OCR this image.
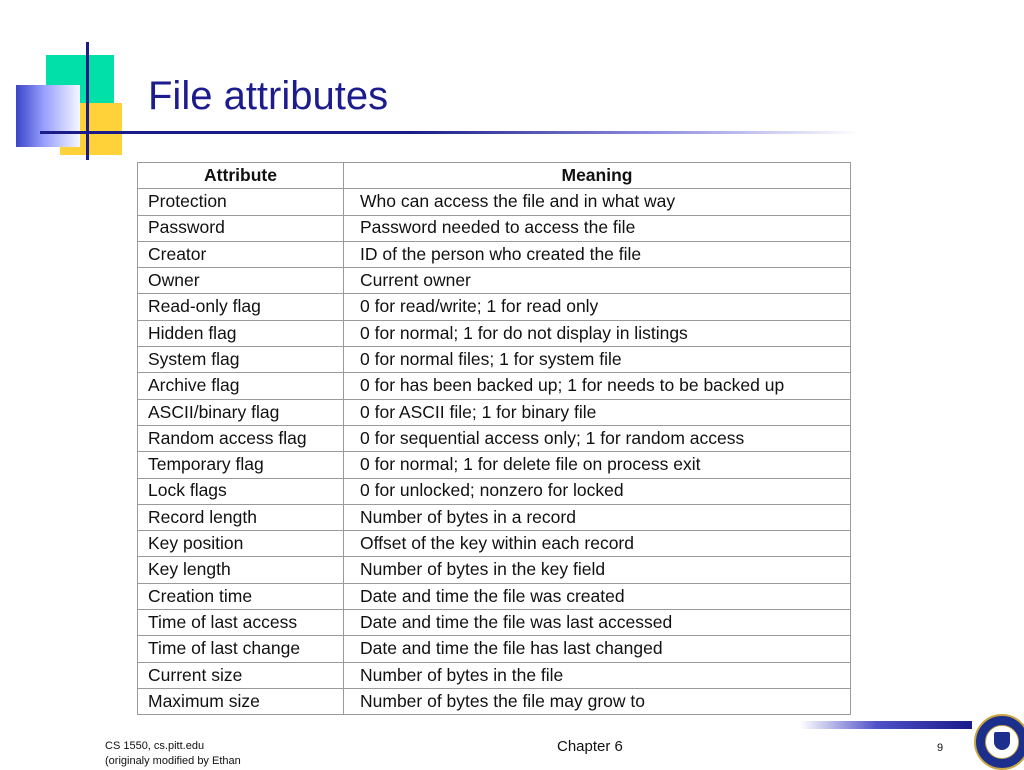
File attributes
Attribute	Meaning
Protection	Who can access the file and in what way
Password	Password needed to access the file
Creator	ID of the person who created the file
Owner	Current owner
Read-only flag	0 for read/write; 1 for read only
Hidden flag	0 for normal; 1 for do not display in listings
System flag	0 for normal files; 1 for system file
Archive flag	0 for has been backed up; 1 for needs to be backed up
ASCII/binary flag	0 for ASCII file; 1 for binary file
Random access flag	0 for sequential access only; 1 for random access
Temporary flag	0 for normal; 1 for delete file on process exit
Lock flags	0 for unlocked; nonzero for locked
Record length	Number of bytes in a record
Key position	Offset of the key within each record
Key length	Number of bytes in the key field
Creation time	Date and time the file was created
Time of last access	Date and time the file was last accessed
Time of last change	Date and time the file has last changed
Current size	Number of bytes in the file
Maximum size	Number of bytes the file may grow to
CS 1550, cs.pitt.edu
(originaly modified by Ethan
Chapter 6	9
